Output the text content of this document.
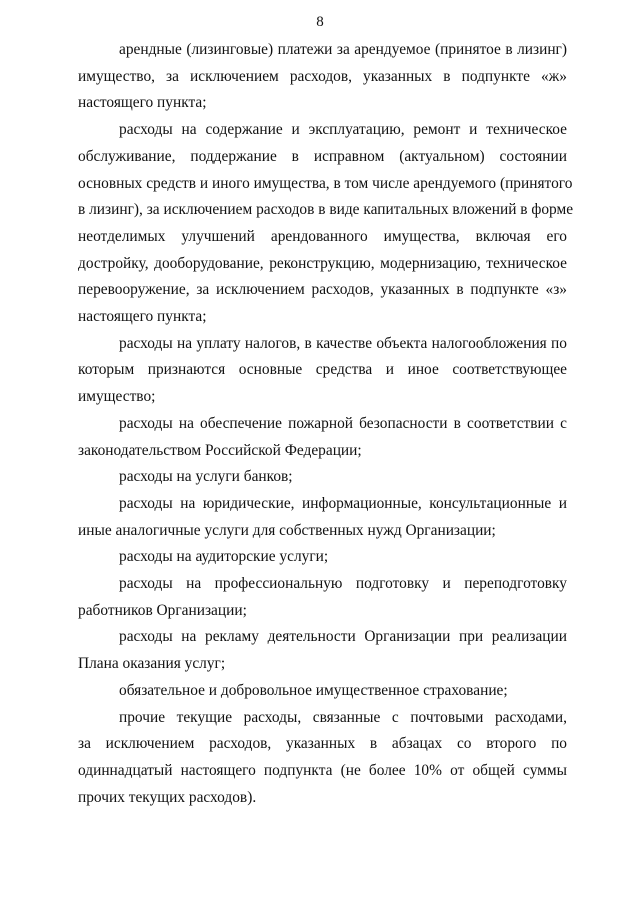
8
арендные (лизинговые) платежи за арендуемое (принятое в лизинг)
имущество, за исключением расходов, указанных в подпункте «ж»
настоящего пункта;
расходы на содержание и эксплуатацию, ремонт и техническое
обслуживание, поддержание в исправном (актуальном) состоянии
основных средств и иного имущества, в том числе арендуемого (принятого
в лизинг), за исключением расходов в виде капитальных вложений в форме
неотделимых улучшений арендованного имущества, включая его
достройку, дооборудование, реконструкцию, модернизацию, техническое
перевооружение, за исключением расходов, указанных в подпункте «з»
настоящего пункта;
расходы на уплату налогов, в качестве объекта налогообложения по
которым признаются основные средства и иное соответствующее
имущество;
расходы на обеспечение пожарной безопасности в соответствии с
законодательством Российской Федерации;
расходы на услуги банков;
расходы на юридические, информационные, консультационные и
иные аналогичные услуги для собственных нужд Организации;
расходы на аудиторские услуги;
расходы на профессиональную подготовку и переподготовку
работников Организации;
расходы на рекламу деятельности Организации при реализации
Плана оказания услуг;
обязательное и добровольное имущественное страхование;
прочие текущие расходы, связанные с почтовыми расходами,
за исключением расходов, указанных в абзацах со второго по
одиннадцатый настоящего подпункта (не более 10% от общей суммы
прочих текущих расходов).
